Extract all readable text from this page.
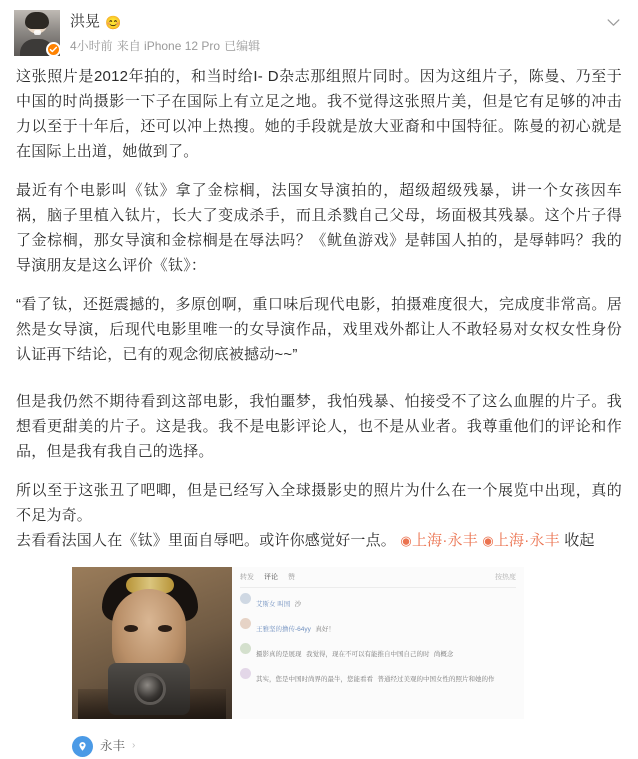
洪晃 😊
4小时前 来自 iPhone 12 Pro 已编辑

这张照片是2012年拍的，和当时给I- D杂志那组照片同时。因为这组片子，陈曼、乃至于中国的时尚摄影一下子在国际上有立足之地。我不觉得这张照片美，但是它有足够的冲击力以至于十年后，还可以冲上热搜。她的手段就是放大亚裔和中国特征。陈曼的初心就是在国际上出道，她做到了。

最近有个电影叫《钛》拿了金棕榈，法国女导演拍的，超级超级残暴，讲一个女孩因车祸，脑子里植入钛片，长大了变成杀手，而且杀戮自己父母，场面极其残暴。这个片子得了金棕榈，那女导演和金棕榈是在辱法吗？《鱿鱼游戏》是韩国人拍的，是辱韩吗？我的导演朋友是这么评价《钛》：

“看了钛，还挺震撼的，多原创啊，重口味后现代电影，拍摄难度很大，完成度非常高。居然是女导演，后现代电影里唯一的女导演作品，戏里戏外都让人不敢轻易对女权女性身份认证再下结论，已有的观念彻底被撼动~~”

但是我仍然不期待看到这部电影，我怕噩梦，我怕残暴、怕接受不了这么血腥的片子。我想看更甜美的片子。这是我。我不是电影评论人，也不是从业者。我尊重他们的评论和作品，但是我有我自己的选择。

所以至于这张丑了吧唧，但是已经写入全球摄影史的照片为什么在一个展览中出现，真的不足为奇。

去看看法国人在《钛》里面自辱吧。或许你感觉好一点。 ◉上海·永丰 ◉上海·永丰 收起

转发 评论 赞	按热度
艾斯女 叫国 沙
王雅坚的撸传-64yy 真好！
摄影真的是展现 我觉得，现在不可以有能推自中国自己的时 尚概念
其实，您是中国时尚界的最牛，您能看看 普通经过美观的中国女性的照片和她的作
永丰 ›
